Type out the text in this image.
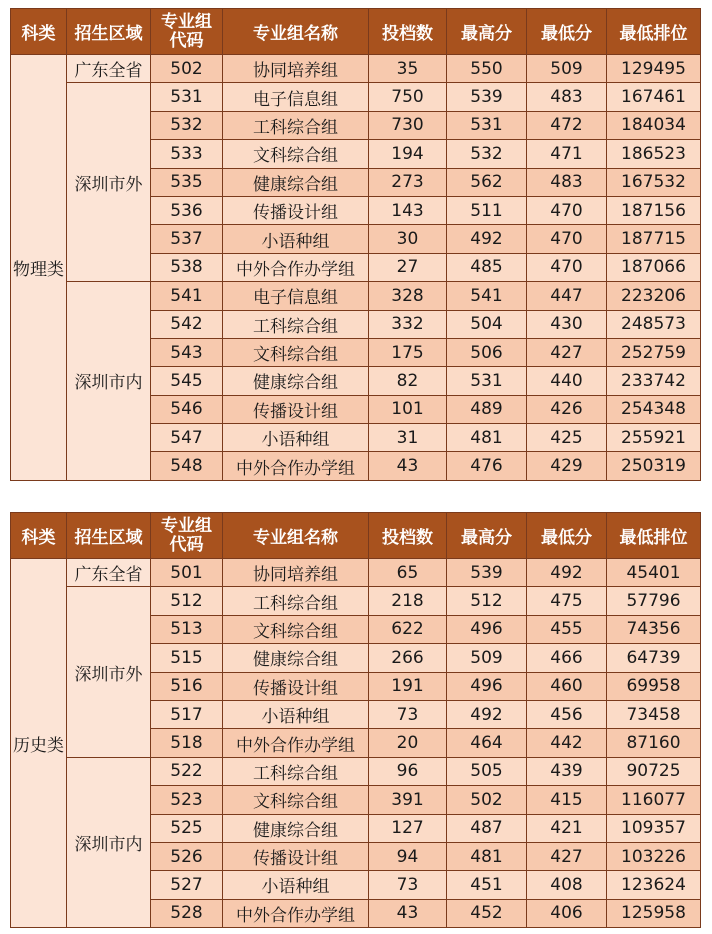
科类	招生区域	专业组
代码	专业组名称	投档数	最高分	最低分	最低排位
物理类	广东全省	502	协同培养组	35	550	509	129495
	深圳市外	531	电子信息组	750	539	483	167461
		532	工科综合组	730	531	472	184034
		533	文科综合组	194	532	471	186523
		535	健康综合组	273	562	483	167532
		536	传播设计组	143	511	470	187156
		537	小语种组	30	492	470	187715
		538	中外合作办学组	27	485	470	187066
	深圳市内	541	电子信息组	328	541	447	223206
		542	工科综合组	332	504	430	248573
		543	文科综合组	175	506	427	252759
		545	健康综合组	82	531	440	233742
		546	传播设计组	101	489	426	254348
		547	小语种组	31	481	425	255921
		548	中外合作办学组	43	476	429	250319
科类	招生区域	专业组
代码	专业组名称	投档数	最高分	最低分	最低排位
历史类	广东全省	501	协同培养组	65	539	492	45401
	深圳市外	512	工科综合组	218	512	475	57796
		513	文科综合组	622	496	455	74356
		515	健康综合组	266	509	466	64739
		516	传播设计组	191	496	460	69958
		517	小语种组	73	492	456	73458
		518	中外合作办学组	20	464	442	87160
	深圳市内	522	工科综合组	96	505	439	90725
		523	文科综合组	391	502	415	116077
		525	健康综合组	127	487	421	109357
		526	传播设计组	94	481	427	103226
		527	小语种组	73	451	408	123624
		528	中外合作办学组	43	452	406	125958
